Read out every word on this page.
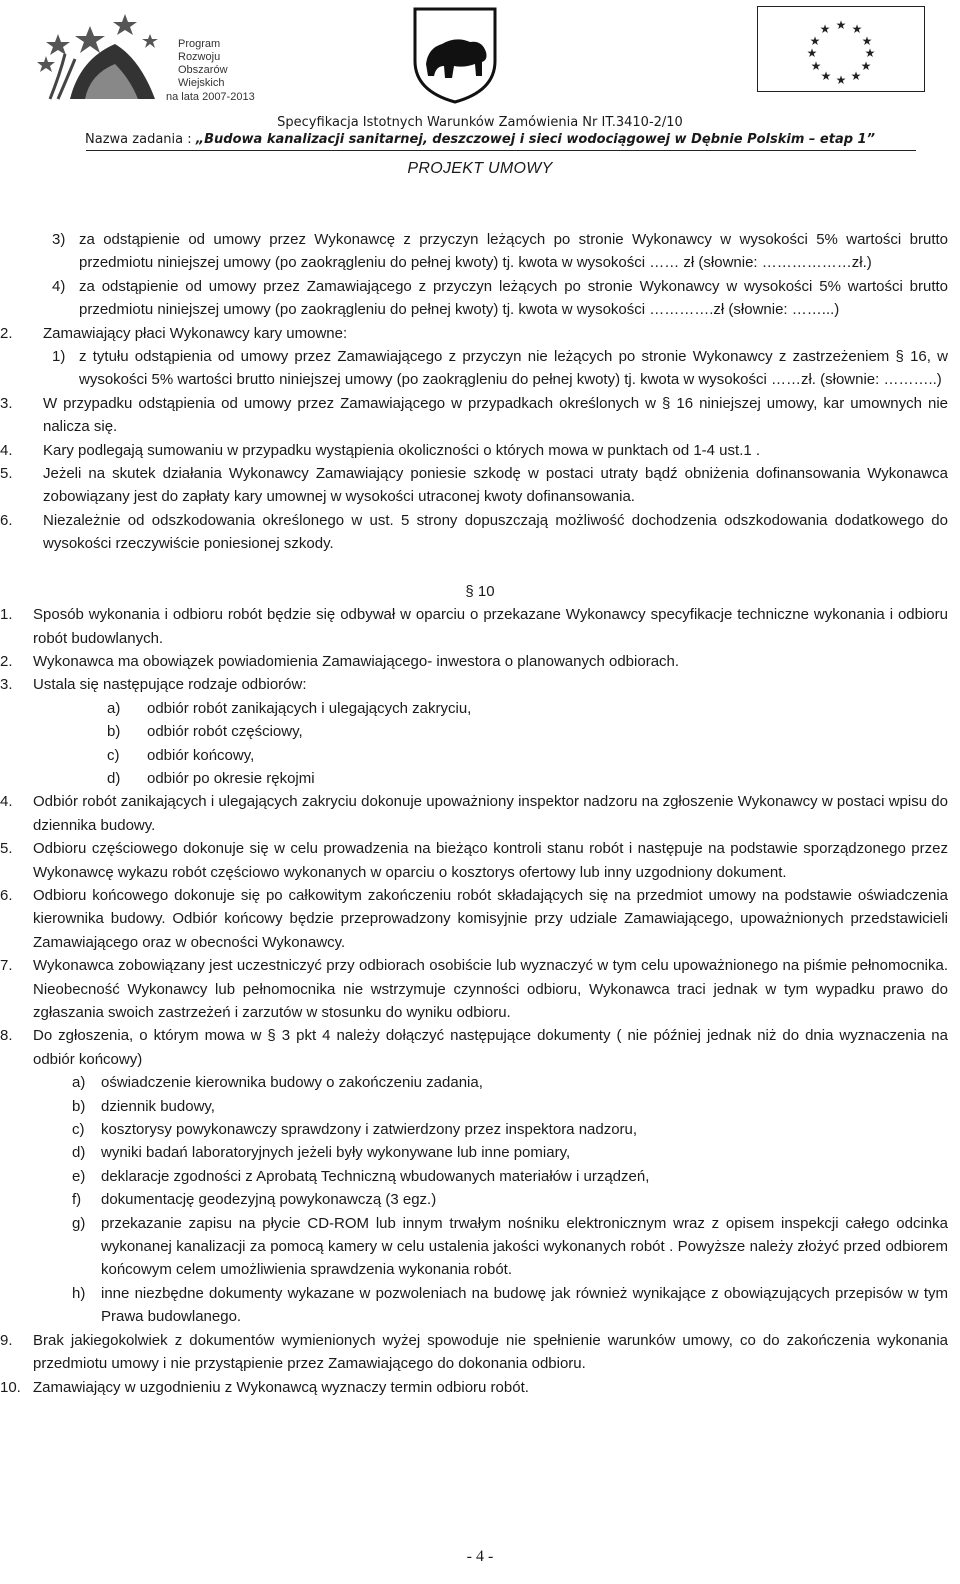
Program
Rozwoju
Obszarów
Wiejskich
na lata 2007-2013
★ ★
★
★
★
★
★
★
★
★
★
★
Specyfikacja Istotnych Warunków Zamówienia Nr IT.3410-2/10
Nazwa zadania : „Budowa kanalizacji sanitarnej, deszczowej i sieci wodociągowej w Dębnie Polskim – etap 1”
PROJEKT UMOWY
3) za odstąpienie od umowy przez Wykonawcę z przyczyn leżących po stronie Wykonawcy w wysokości 5% wartości brutto przedmiotu niniejszej umowy (po zaokrągleniu do pełnej kwoty) tj. kwota w wysokości …… zł (słownie: ………………zł.)
4) za odstąpienie od umowy przez Zamawiającego z przyczyn leżących po stronie Wykonawcy w wysokości 5% wartości brutto przedmiotu niniejszej umowy (po zaokrągleniu do pełnej kwoty) tj. kwota w wysokości ………….zł (słownie: ……...)
2. Zamawiający płaci Wykonawcy kary umowne:
1) z tytułu odstąpienia od umowy przez Zamawiającego z przyczyn nie leżących po stronie Wykonawcy z zastrzeżeniem § 16, w wysokości 5% wartości brutto niniejszej umowy (po zaokrągleniu do pełnej kwoty) tj. kwota w wysokości ……zł. (słownie: ………..)
3. W przypadku odstąpienia od umowy przez Zamawiającego w przypadkach określonych w § 16 niniejszej umowy, kar umownych nie nalicza się.
4. Kary podlegają sumowaniu w przypadku wystąpienia okoliczności o których mowa w punktach od 1-4 ust.1 .
5. Jeżeli na skutek działania Wykonawcy Zamawiający poniesie szkodę w postaci utraty bądź obniżenia dofinansowania Wykonawca zobowiązany jest do zapłaty kary umownej w wysokości utraconej kwoty dofinansowania.
6. Niezależnie od odszkodowania określonego w ust. 5 strony dopuszczają możliwość dochodzenia odszkodowania dodatkowego do wysokości rzeczywiście poniesionej szkody.
§ 10
1. Sposób wykonania i odbioru robót będzie się odbywał w oparciu o przekazane Wykonawcy specyfikacje techniczne wykonania i odbioru robót budowlanych.
2. Wykonawca ma obowiązek powiadomienia Zamawiającego- inwestora o planowanych odbiorach.
3. Ustala się następujące rodzaje odbiorów:
a) odbiór robót zanikających i ulegających zakryciu,
b) odbiór robót częściowy,
c) odbiór końcowy,
d) odbiór po okresie rękojmi
4. Odbiór robót zanikających i ulegających zakryciu dokonuje upoważniony inspektor nadzoru na zgłoszenie Wykonawcy w postaci wpisu do dziennika budowy.
5. Odbioru częściowego dokonuje się w celu prowadzenia na bieżąco kontroli stanu robót i następuje na podstawie sporządzonego przez Wykonawcę wykazu robót częściowo wykonanych w oparciu o kosztorys ofertowy lub inny uzgodniony dokument.
6. Odbioru końcowego dokonuje się po całkowitym zakończeniu robót składających się na przedmiot umowy na podstawie oświadczenia kierownika budowy. Odbiór końcowy będzie przeprowadzony komisyjnie przy udziale Zamawiającego, upoważnionych przedstawicieli Zamawiającego oraz w obecności Wykonawcy.
7. Wykonawca zobowiązany jest uczestniczyć przy odbiorach osobiście lub wyznaczyć w tym celu upoważnionego na piśmie pełnomocnika. Nieobecność Wykonawcy lub pełnomocnika nie wstrzymuje czynności odbioru, Wykonawca traci jednak w tym wypadku prawo do zgłaszania swoich zastrzeżeń i zarzutów w stosunku do wyniku odbioru.
8. Do zgłoszenia, o którym mowa w § 3 pkt 4 należy dołączyć następujące dokumenty ( nie później jednak niż do dnia wyznaczenia na odbiór końcowy)
a) oświadczenie kierownika budowy o zakończeniu zadania,
b) dziennik budowy,
c) kosztorysy powykonawczy sprawdzony i zatwierdzony przez inspektora nadzoru,
d) wyniki badań laboratoryjnych jeżeli były wykonywane lub inne pomiary,
e) deklaracje zgodności z Aprobatą Techniczną wbudowanych materiałów i urządzeń,
f) dokumentację geodezyjną powykonawczą (3 egz.)
g) przekazanie zapisu na płycie CD-ROM lub innym trwałym nośniku elektronicznym wraz z opisem inspekcji całego odcinka wykonanej kanalizacji za pomocą kamery w celu ustalenia jakości wykonanych robót . Powyższe należy złożyć przed odbiorem końcowym celem umożliwienia sprawdzenia wykonania robót.
h) inne niezbędne dokumenty wykazane w pozwoleniach na budowę jak również wynikające z obowiązujących przepisów w tym Prawa budowlanego.
9. Brak jakiegokolwiek z dokumentów wymienionych wyżej spowoduje nie spełnienie warunków umowy, co do zakończenia wykonania przedmiotu umowy i nie przystąpienie przez Zamawiającego do dokonania odbioru.
10. Zamawiający w uzgodnieniu z Wykonawcą wyznaczy termin odbioru robót.
- 4 -
